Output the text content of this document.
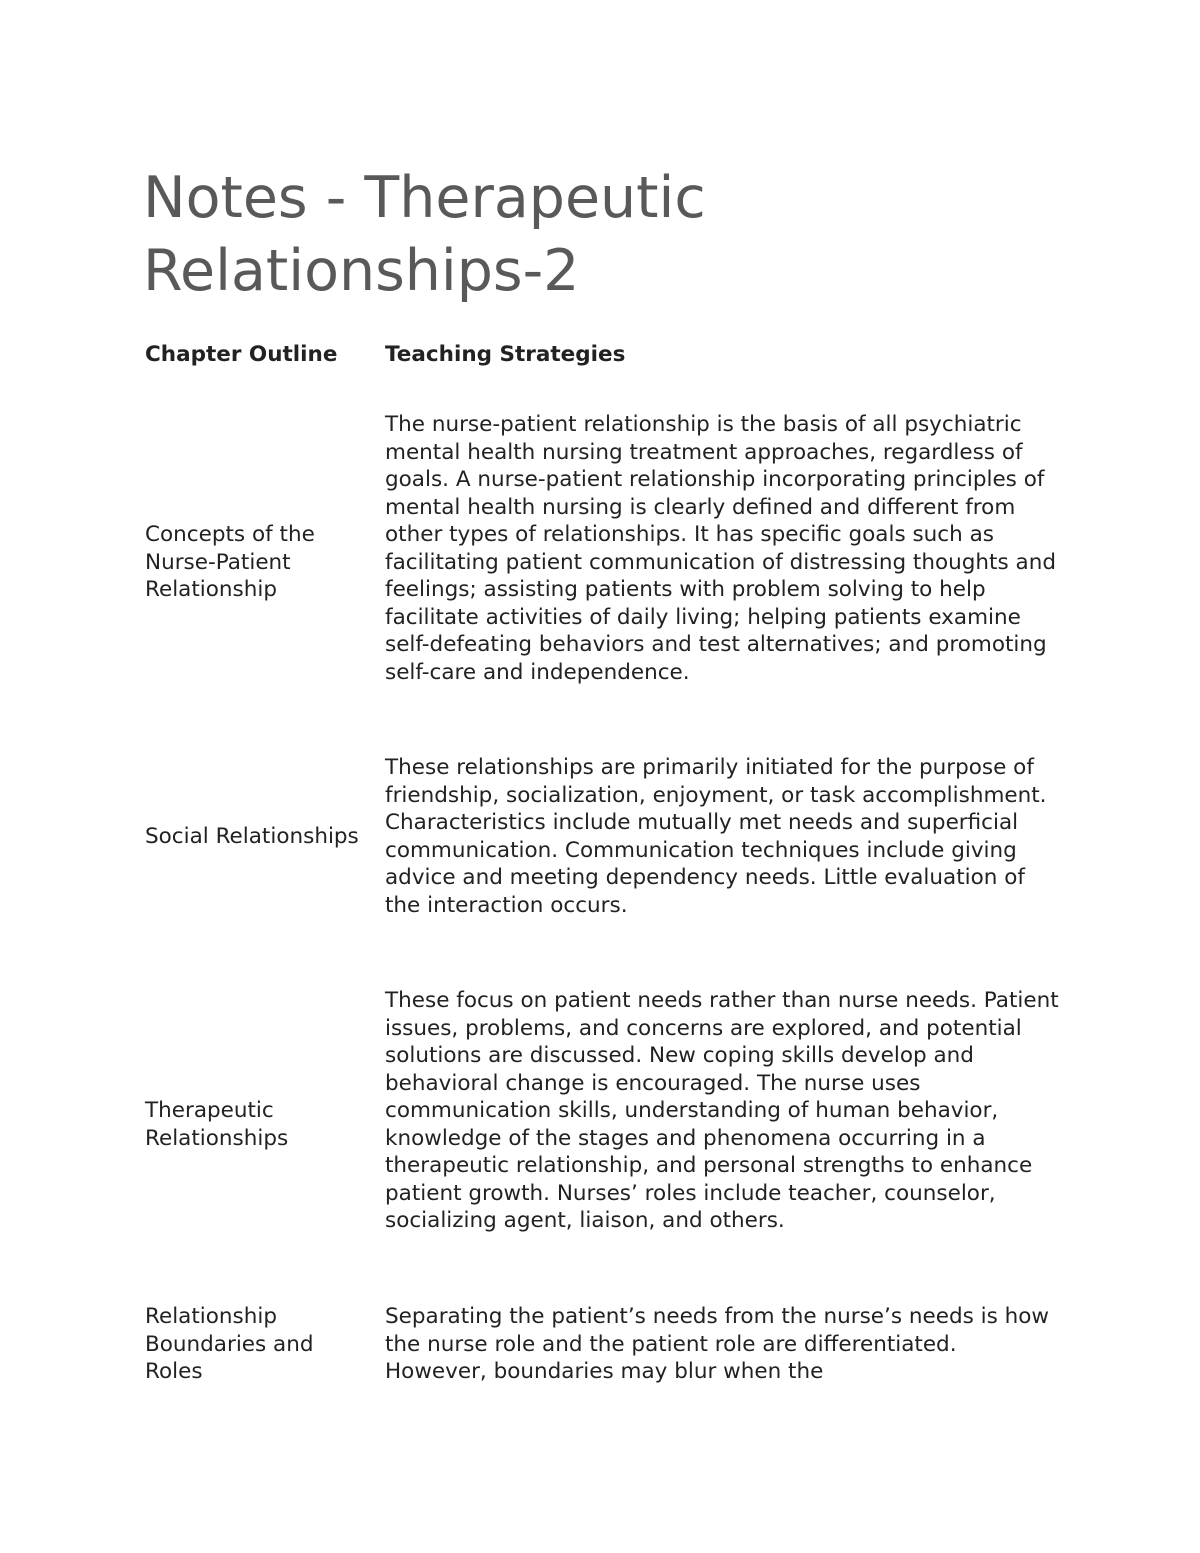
Notes - Therapeutic Relationships-2
Chapter Outline Teaching Strategies
Concepts of the Nurse-Patient Relationship
The nurse-patient relationship is the basis of all psychiatric mental health nursing treatment approaches, regardless of goals. A nurse-patient relationship incorporating principles of mental health nursing is clearly defined and different from other types of relationships. It has specific goals such as facilitating patient communication of distressing thoughts and feelings; assisting patients with problem solving to help facilitate activities of daily living; helping patients examine self-defeating behaviors and test alternatives; and promoting self-care and independence.
Social Relationships
These relationships are primarily initiated for the purpose of friendship, socialization, enjoyment, or task accomplishment. Characteristics include mutually met needs and superficial communication. Communication techniques include giving advice and meeting dependency needs. Little evaluation of the interaction occurs.
Therapeutic Relationships
These focus on patient needs rather than nurse needs. Patient issues, problems, and concerns are explored, and potential solutions are discussed. New coping skills develop and behavioral change is encouraged. The nurse uses communication skills, understanding of human behavior, knowledge of the stages and phenomena occurring in a therapeutic relationship, and personal strengths to enhance patient growth. Nurses’ roles include teacher, counselor, socializing agent, liaison, and others.
Relationship Boundaries and Roles
Separating the patient’s needs from the nurse’s needs is how the nurse role and the patient role are differentiated. However, boundaries may blur when the
